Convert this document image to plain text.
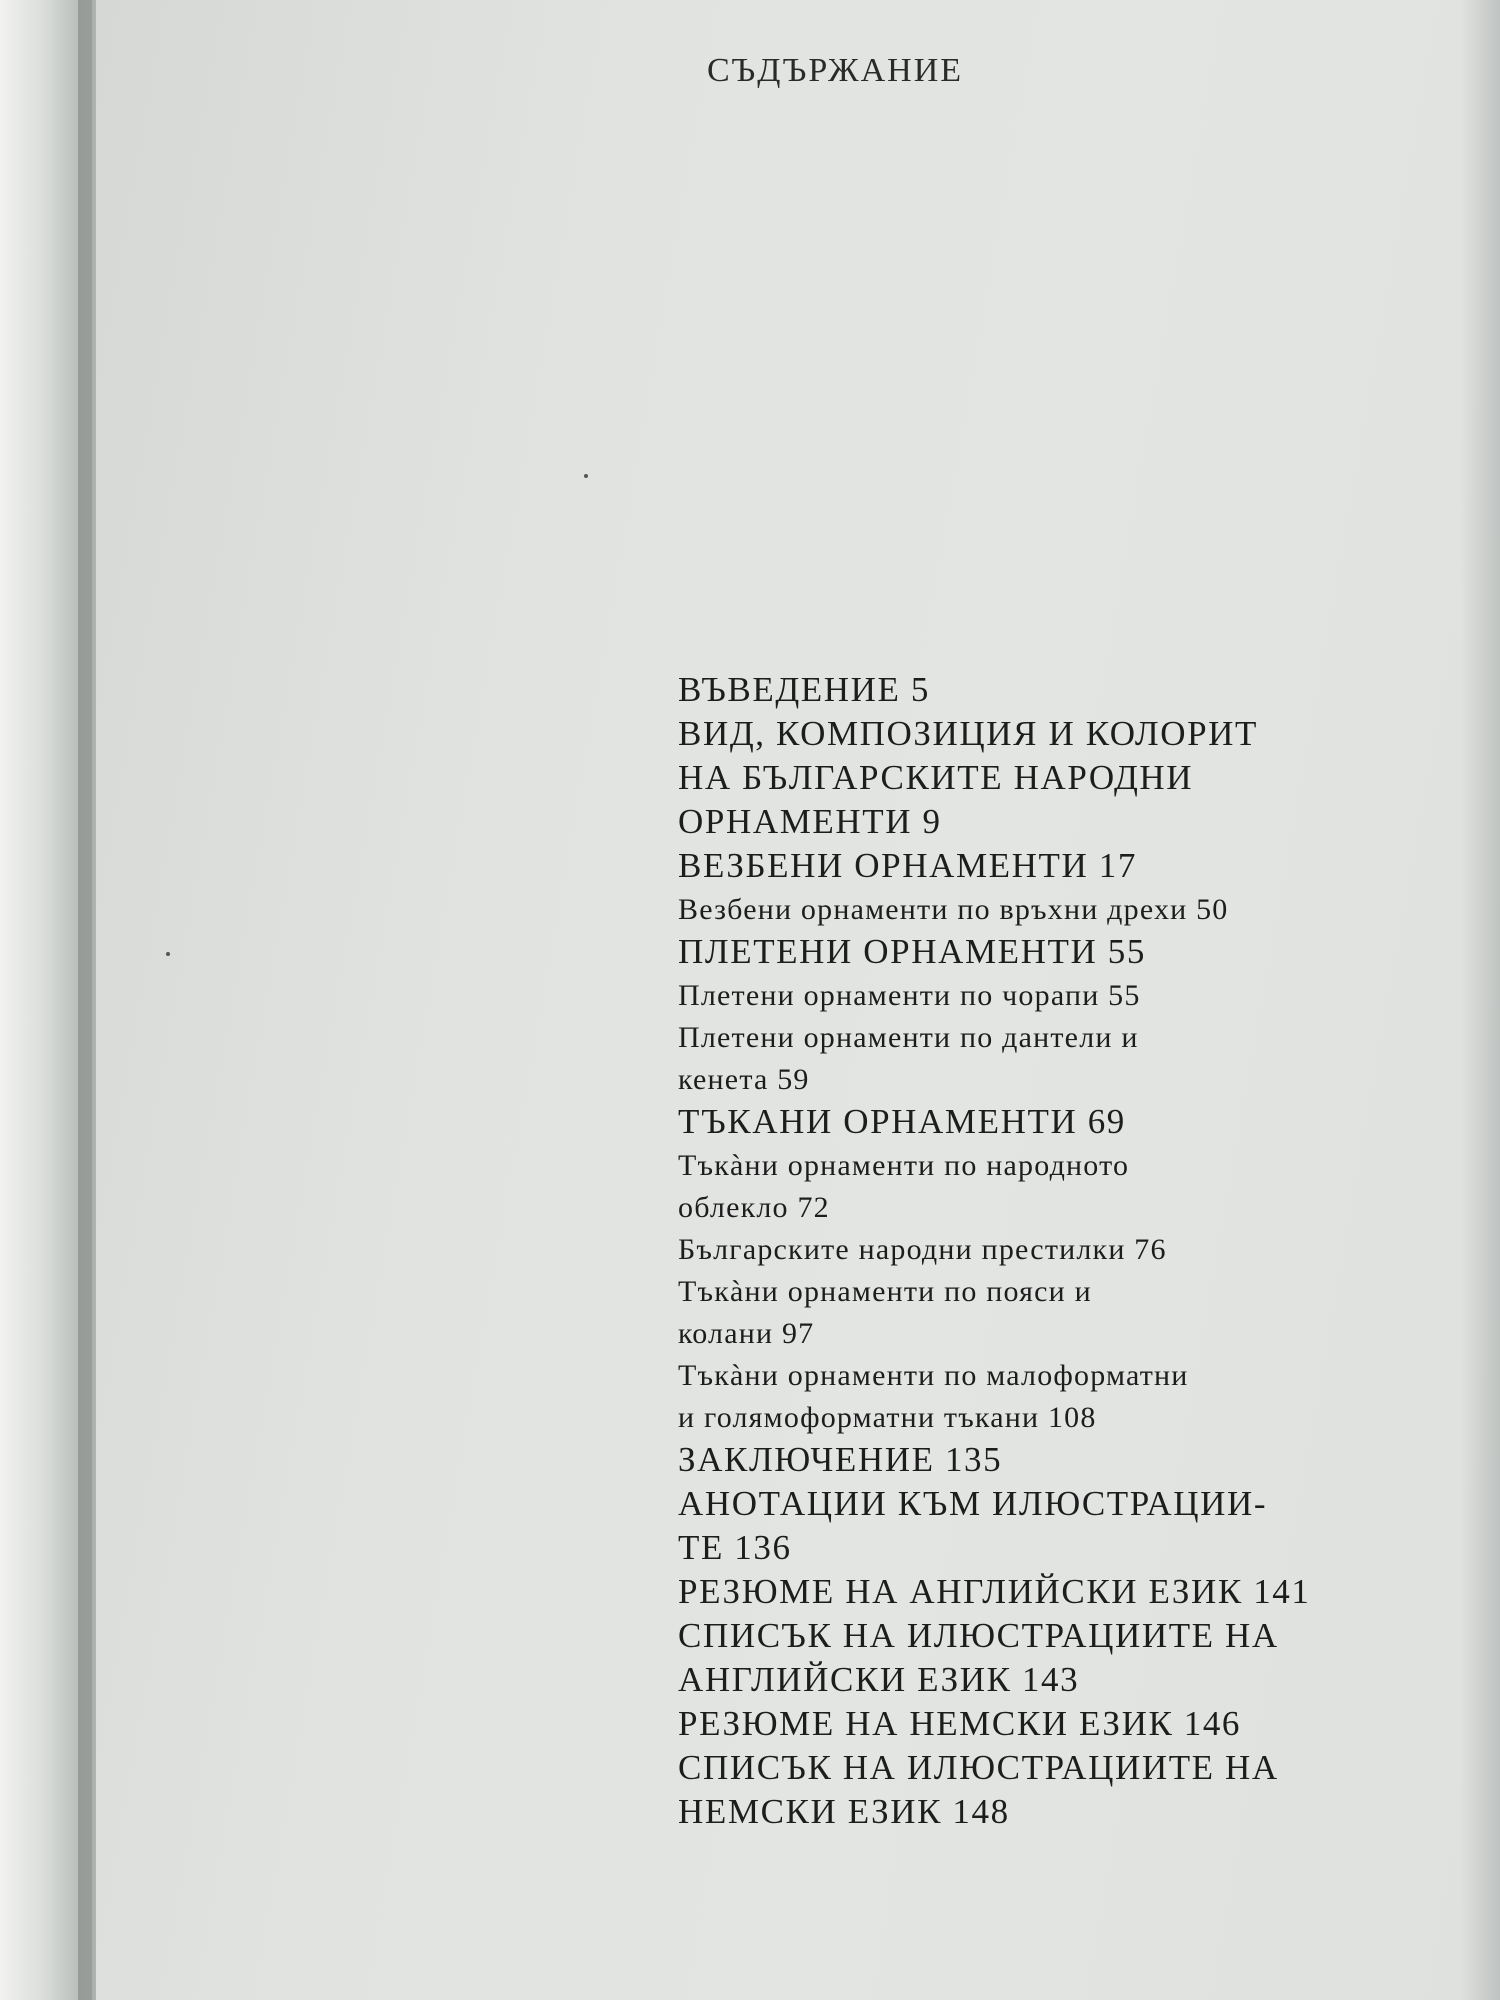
СЪДЪРЖАНИЕ

ВЪВЕДЕНИЕ 5

ВИД, КОМПОЗИЦИЯ И КОЛОРИТ

НА БЪЛГАРСКИТЕ НАРОДНИ

ОРНАМЕНТИ 9

ВЕЗБЕНИ ОРНАМЕНТИ 17

Везбени орнаменти по връхни дрехи 50

ПЛЕТЕНИ ОРНАМЕНТИ 55

Плетени орнаменти по чорапи 55

Плетени орнаменти по дантели и

кенета 59

ТЪКАНИ ОРНАМЕНТИ 69

Тъкàни орнаменти по народното

облекло 72

Българските народни престилки 76

Тъкàни орнаменти по пояси и

колани 97

Тъкàни орнаменти по малоформатни

и голямоформатни тъкани 108

ЗАКЛЮЧЕНИЕ 135

АНОТАЦИИ КЪМ ИЛЮСТРАЦИИ-

ТЕ 136

РЕЗЮМЕ НА АНГЛИЙСКИ ЕЗИК 141

СПИСЪК НА ИЛЮСТРАЦИИТЕ НА

АНГЛИЙСКИ ЕЗИК 143

РЕЗЮМЕ НА НЕМСКИ ЕЗИК 146

СПИСЪК НА ИЛЮСТРАЦИИТЕ НА

НЕМСКИ ЕЗИК 148
